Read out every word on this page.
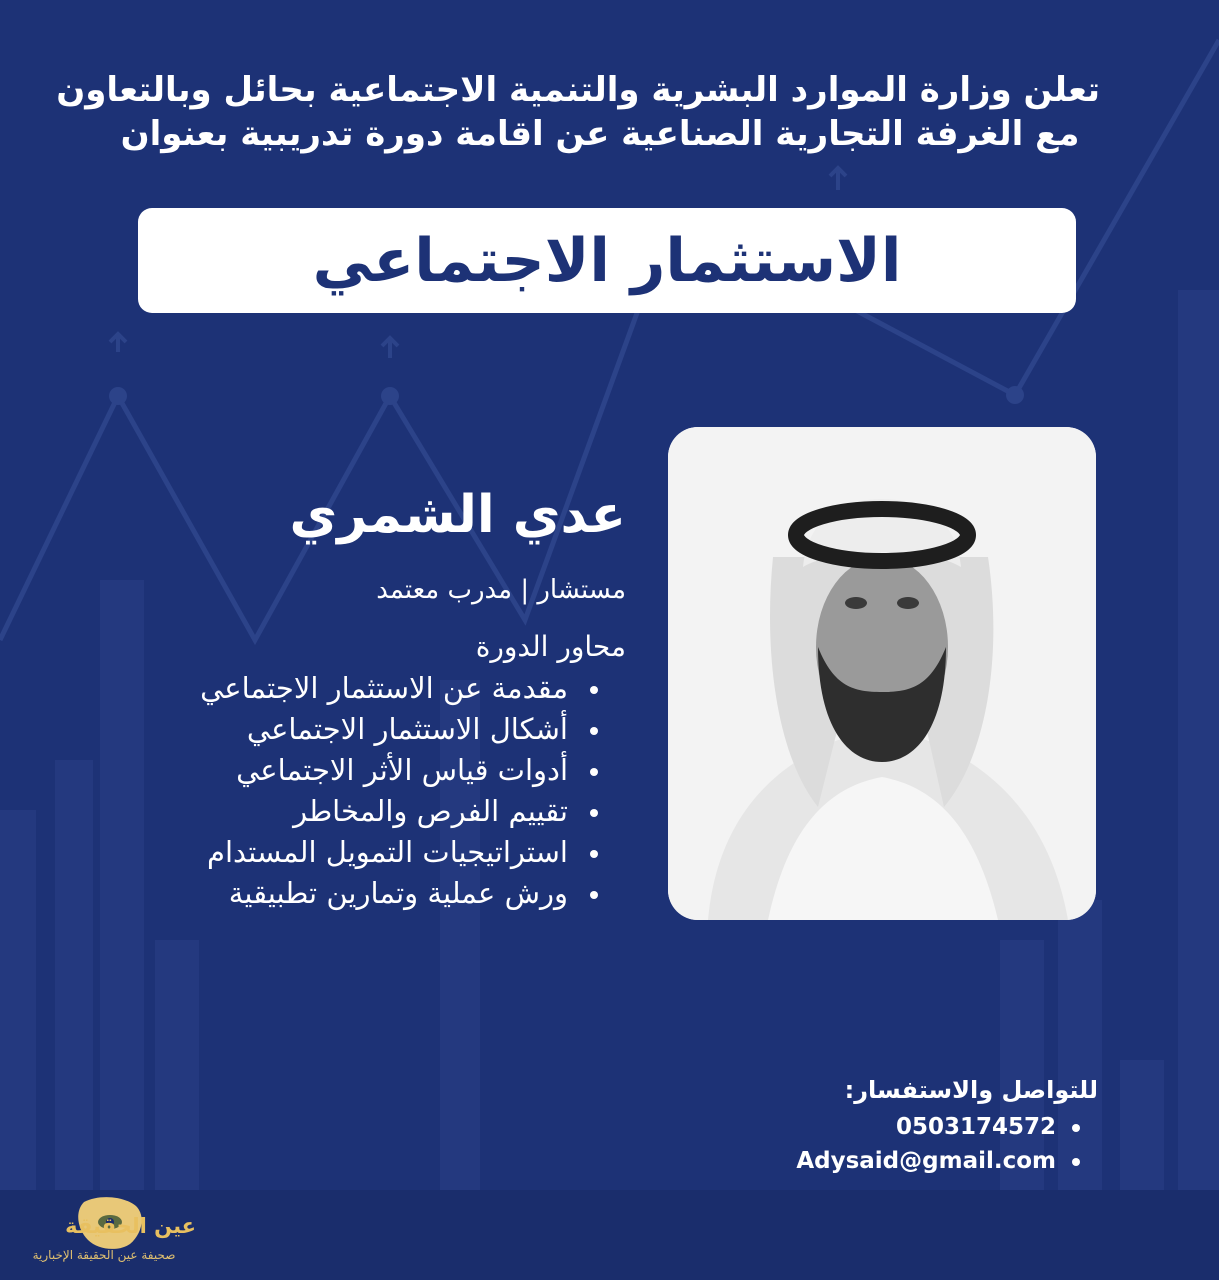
تعلن وزارة الموارد البشرية والتنمية الاجتماعية بحائل وبالتعاون
مع الغرفة التجارية الصناعية عن اقامة دورة تدريبية بعنوان
الاستثمار الاجتماعي
عدي الشمري
مستشار | مدرب معتمد
محاور الدورة
مقدمة عن الاستثمار الاجتماعي
أشكال الاستثمار الاجتماعي
أدوات قياس الأثر الاجتماعي
تقييم الفرص والمخاطر
استراتيجيات التمويل المستدام
ورش عملية وتمارين تطبيقية
للتواصل والاستفسار:
0503174572
Adysaid@gmail.com
عين الحقيقة
صحيفة عين الحقيقة الإخبارية
